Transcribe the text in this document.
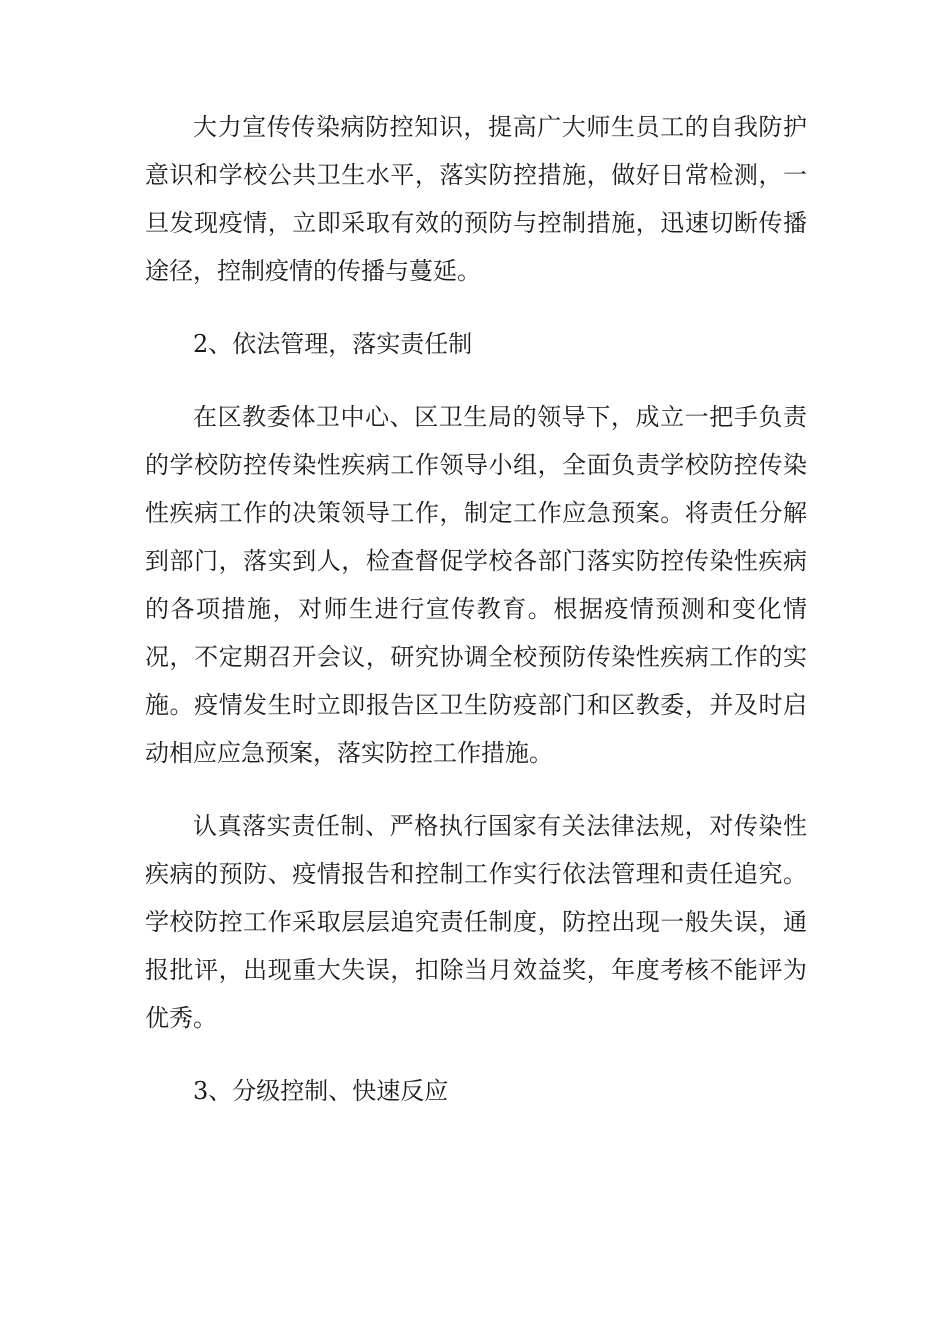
大力宣传传染病防控知识，提高广大师生员工的自我防护意识和学校公共卫生水平，落实防控措施，做好日常检测，一旦发现疫情，立即采取有效的预防与控制措施，迅速切断传播途径，控制疫情的传播与蔓延。

2、依法管理，落实责任制

在区教委体卫中心、区卫生局的领导下，成立一把手负责的学校防控传染性疾病工作领导小组，全面负责学校防控传染性疾病工作的决策领导工作，制定工作应急预案。将责任分解到部门，落实到人，检查督促学校各部门落实防控传染性疾病的各项措施，对师生进行宣传教育。根据疫情预测和变化情况，不定期召开会议，研究协调全校预防传染性疾病工作的实施。疫情发生时立即报告区卫生防疫部门和区教委，并及时启动相应应急预案，落实防控工作措施。

认真落实责任制、严格执行国家有关法律法规，对传染性疾病的预防、疫情报告和控制工作实行依法管理和责任追究。学校防控工作采取层层追究责任制度，防控出现一般失误，通报批评，出现重大失误，扣除当月效益奖，年度考核不能评为优秀。

3、分级控制、快速反应
